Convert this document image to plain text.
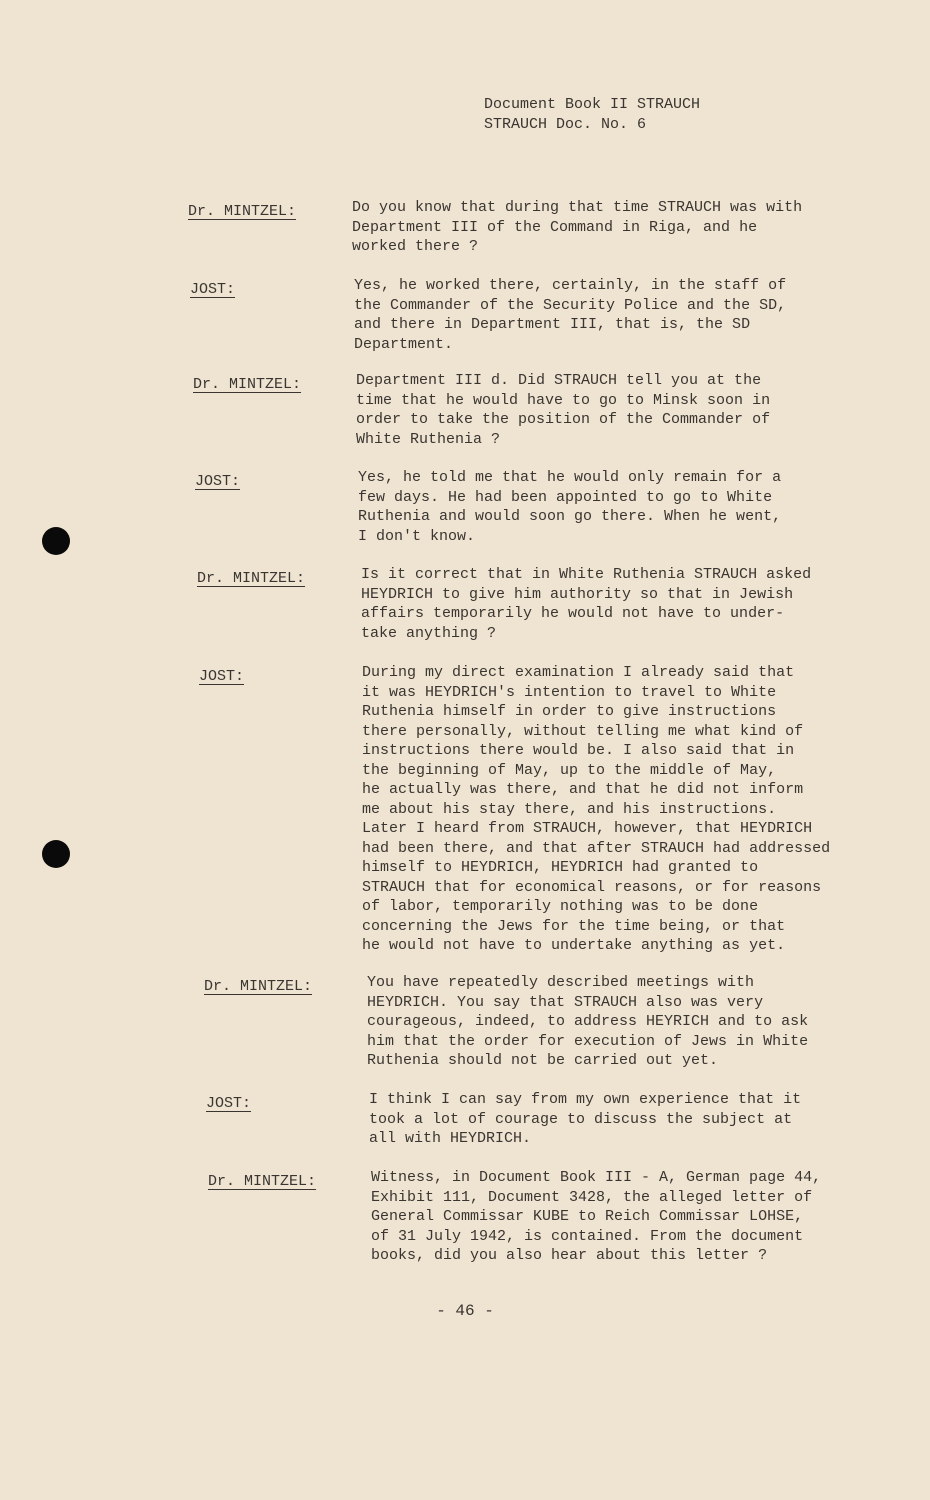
Document Book II STRAUCH
STRAUCH Doc. No. 6
Dr. MINTZEL:	Do you know that during that time STRAUCH was with
Department III of the Command in Riga, and he
worked there ?
JOST:	Yes, he worked there, certainly, in the staff of
the Commander of the Security Police and the SD,
and there in Department III, that is, the SD
Department.
Dr. MINTZEL:	Department III d. Did STRAUCH tell you at the
time that he would have to go to Minsk soon in
order to take the position of the Commander of
White Ruthenia ?
JOST:	Yes, he told me that he would only remain for a
few days. He had been appointed to go to White
Ruthenia and would soon go there. When he went,
I don't know.
Dr. MINTZEL:	Is it correct that in White Ruthenia STRAUCH asked
HEYDRICH to give him authority so that in Jewish
affairs temporarily he would not have to under-
take anything ?
JOST:	During my direct examination I already said that
it was HEYDRICH's intention to travel to White
Ruthenia himself in order to give instructions
there personally, without telling me what kind of
instructions there would be. I also said that in
the beginning of May, up to the middle of May,
he actually was there, and that he did not inform
me about his stay there, and his instructions.
Later I heard from STRAUCH, however, that HEYDRICH
had been there, and that after STRAUCH had addressed
himself to HEYDRICH, HEYDRICH had granted to
STRAUCH that for economical reasons, or for reasons
of labor, temporarily nothing was to be done
concerning the Jews for the time being, or that
he would not have to undertake anything as yet.
Dr. MINTZEL:	You have repeatedly described meetings with
HEYDRICH. You say that STRAUCH also was very
courageous, indeed, to address HEYRICH and to ask
him that the order for execution of Jews in White
Ruthenia should not be carried out yet.
JOST:	I think I can say from my own experience that it
took a lot of courage to discuss the subject at
all with HEYDRICH.
Dr. MINTZEL:	Witness, in Document Book III - A, German page 44,
Exhibit 111, Document 3428, the alleged letter of
General Commissar KUBE to Reich Commissar LOHSE,
of 31 July 1942, is contained. From the document
books, did you also hear about this letter ?
- 46 -
